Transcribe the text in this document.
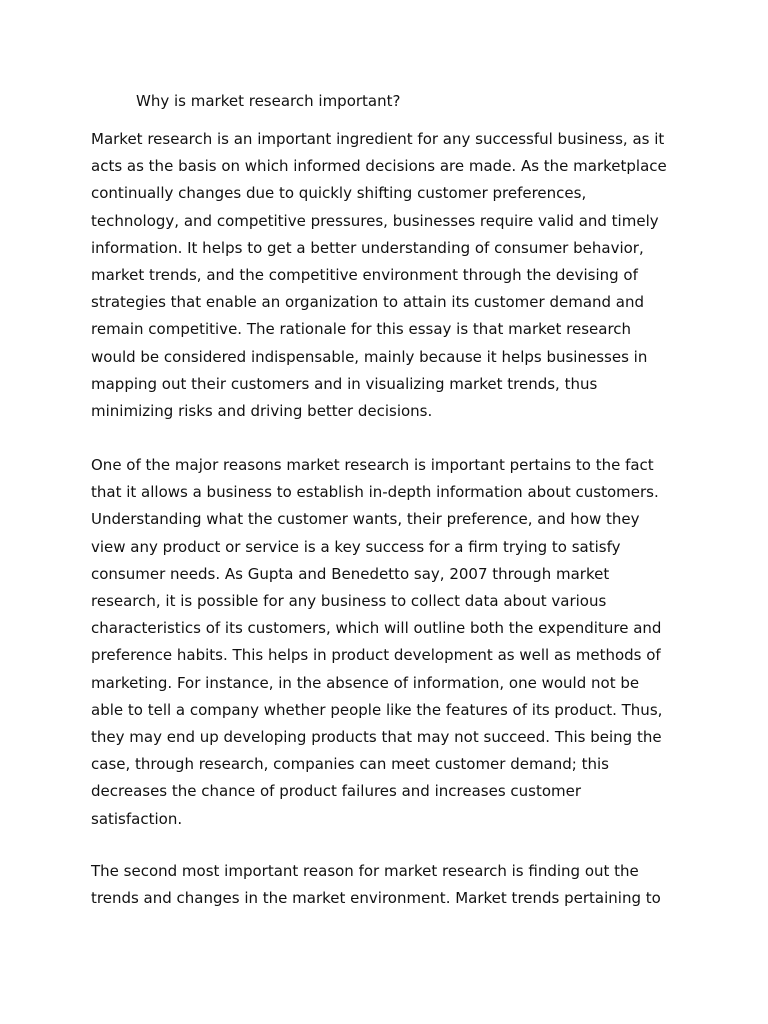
Why is market research important?

Market research is an important ingredient for any successful business, as it
acts as the basis on which informed decisions are made. As the marketplace
continually changes due to quickly shifting customer preferences,
technology, and competitive pressures, businesses require valid and timely
information. It helps to get a better understanding of consumer behavior,
market trends, and the competitive environment through the devising of
strategies that enable an organization to attain its customer demand and
remain competitive. The rationale for this essay is that market research
would be considered indispensable, mainly because it helps businesses in
mapping out their customers and in visualizing market trends, thus
minimizing risks and driving better decisions.

One of the major reasons market research is important pertains to the fact
that it allows a business to establish in-depth information about customers.
Understanding what the customer wants, their preference, and how they
view any product or service is a key success for a firm trying to satisfy
consumer needs. As Gupta and Benedetto say, 2007 through market
research, it is possible for any business to collect data about various
characteristics of its customers, which will outline both the expenditure and
preference habits. This helps in product development as well as methods of
marketing. For instance, in the absence of information, one would not be
able to tell a company whether people like the features of its product. Thus,
they may end up developing products that may not succeed. This being the
case, through research, companies can meet customer demand; this
decreases the chance of product failures and increases customer
satisfaction.

The second most important reason for market research is finding out the
trends and changes in the market environment. Market trends pertaining to
